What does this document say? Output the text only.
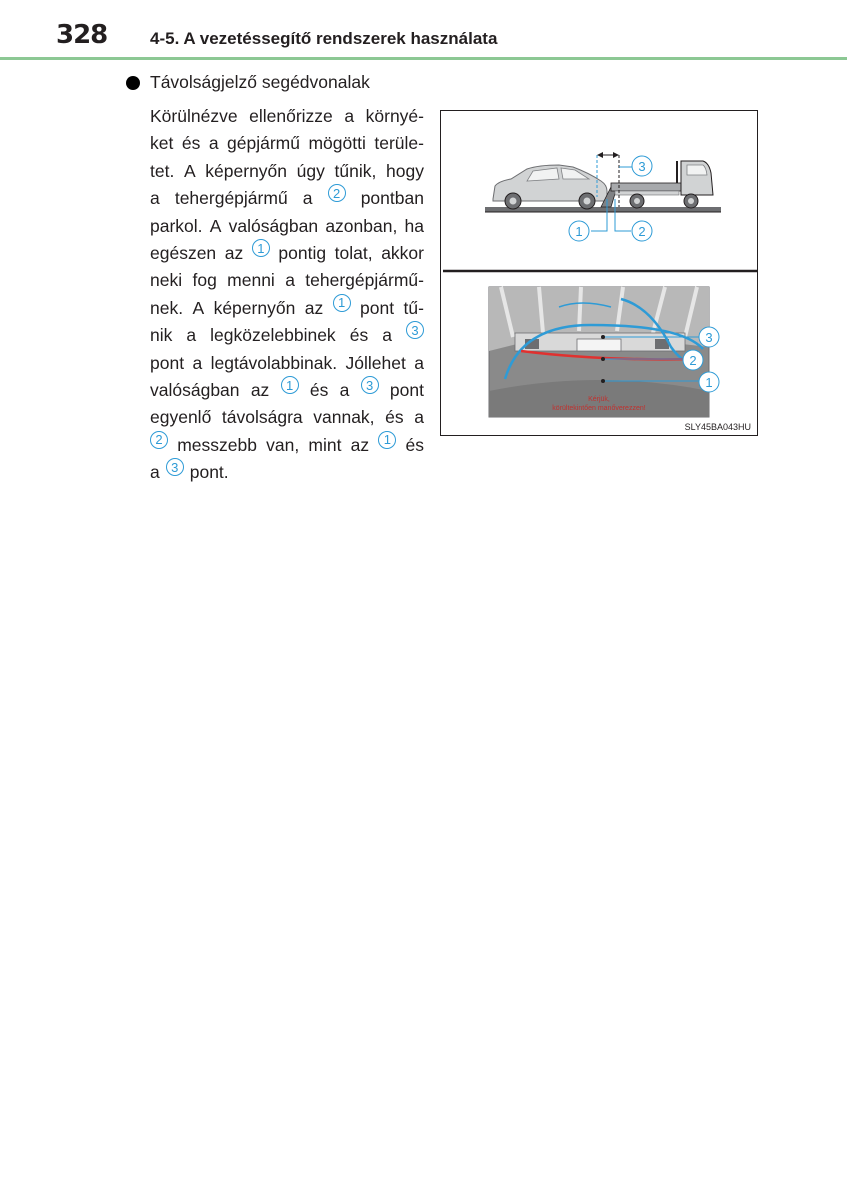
328	4-5. A vezetéssegítő rendszerek használata
Távolságjelző segédvonalak
Körülnézve ellenőrizze a környé-
ket és a gépjármű mögötti terüle-
tet. A képernyőn úgy tűnik, hogy
a tehergépjármű a	2	pontban
parkol. A valóságban azonban, ha
egészen az	1 pontig tolat, akkor
neki fog menni a tehergépjármű-
nek. A képernyőn az	1 pont tű-
nik a legközelebbinek és a	3
pont a legtávolabbinak. Jóllehet a
valóságban az	1 és a	3 pont
egyenlő távolságra vannak, és a
2 messzebb van, mint az	1 és
a 3 pont.
3
1	2
Kérjük,
körültekintően manőverezzen!
3
2
1
SLY45BA043HU
